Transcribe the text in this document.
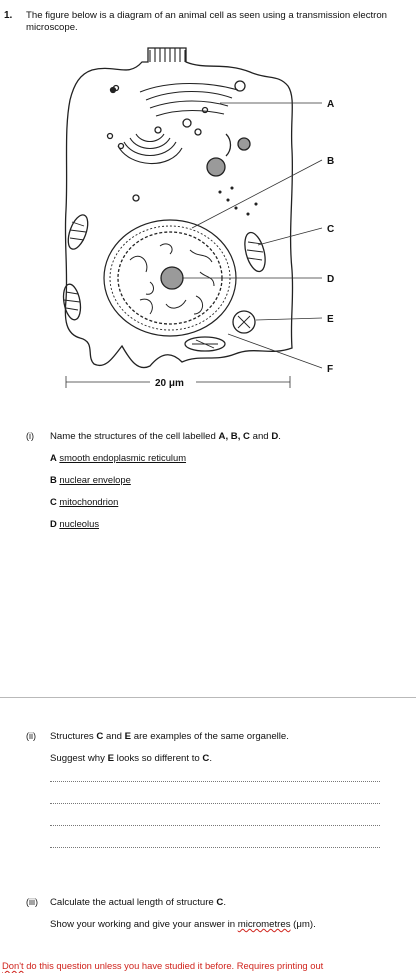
1. The figure below is a diagram of an animal cell as seen using a transmission electron microscope.
A
B
C
D
E
F
20 μm
(i) Name the structures of the cell labelled A, B, C and D.
A smooth endoplasmic reticulum
B nuclear envelope
C mitochondrion
D nucleolus
(ii) Structures C and E are examples of the same organelle.
Suggest why E looks so different to C.
(iii) Calculate the actual length of structure C.
Show your working and give your answer in micrometres (μm).
Don't do this question unless you have studied it before. Requires printing out
